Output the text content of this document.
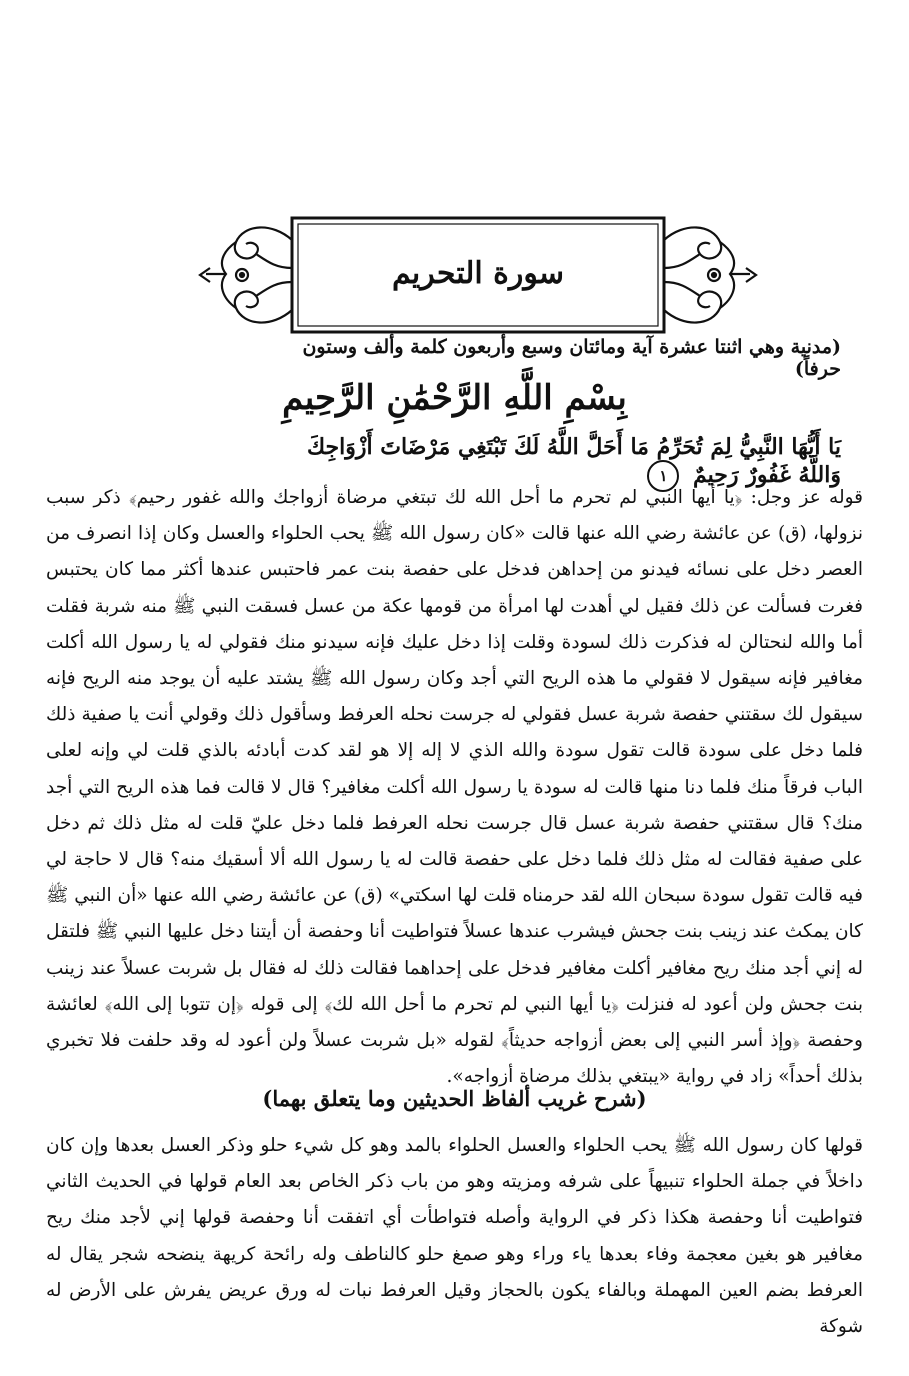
سورة التحريم
(مدنية وهي اثنتا عشرة آية ومائتان وسبع وأربعون كلمة وألف وستون حرفاً)
بِسْمِ اللَّهِ الرَّحْمَٰنِ الرَّحِيمِ
يَا أَيُّهَا النَّبِيُّ لِمَ تُحَرِّمُ مَا أَحَلَّ اللَّهُ لَكَ تَبْتَغِي مَرْضَاتَ أَزْوَاجِكَ وَاللَّهُ غَفُورٌ رَحِيمٌ ١

قوله عز وجل: ﴿يا أيها النبي لم تحرم ما أحل الله لك تبتغي مرضاة أزواجك والله غفور رحيم﴾ ذكر سبب نزولها، (ق) عن عائشة رضي الله عنها قالت «كان رسول الله ﷺ يحب الحلواء والعسل وكان إذا انصرف من العصر دخل على نسائه فيدنو من إحداهن فدخل على حفصة بنت عمر فاحتبس عندها أكثر مما كان يحتبس فغرت فسألت عن ذلك فقيل لي أهدت لها امرأة من قومها عكة من عسل فسقت النبي ﷺ منه شربة فقلت أما والله لنحتالن له فذكرت ذلك لسودة وقلت إذا دخل عليك فإنه سيدنو منك فقولي له يا رسول الله أكلت مغافير فإنه سيقول لا فقولي ما هذه الريح التي أجد وكان رسول الله ﷺ يشتد عليه أن يوجد منه الريح فإنه سيقول لك سقتني حفصة شربة عسل فقولي له جرست نحله العرفط وسأقول ذلك وقولي أنت يا صفية ذلك فلما دخل على سودة قالت تقول سودة والله الذي لا إله إلا هو لقد كدت أبادئه بالذي قلت لي وإنه لعلى الباب فرقاً منك فلما دنا منها قالت له سودة يا رسول الله أكلت مغافير؟ قال لا قالت فما هذه الريح التي أجد منك؟ قال سقتني حفصة شربة عسل قال جرست نحله العرفط فلما دخل عليّ قلت له مثل ذلك ثم دخل على صفية فقالت له مثل ذلك فلما دخل على حفصة قالت له يا رسول الله ألا أسقيك منه؟ قال لا حاجة لي فيه قالت تقول سودة سبحان الله لقد حرمناه قلت لها اسكتي» (ق) عن عائشة رضي الله عنها «أن النبي ﷺ كان يمكث عند زينب بنت جحش فيشرب عندها عسلاً فتواطيت أنا وحفصة أن أيتنا دخل عليها النبي ﷺ فلتقل له إني أجد منك ريح مغافير أكلت مغافير فدخل على إحداهما فقالت ذلك له فقال بل شربت عسلاً عند زينب بنت جحش ولن أعود له فنزلت ﴿يا أيها النبي لم تحرم ما أحل الله لك﴾ إلى قوله ﴿إن تتوبا إلى الله﴾ لعائشة وحفصة ﴿وإذ أسر النبي إلى بعض أزواجه حديثاً﴾ لقوله «بل شربت عسلاً ولن أعود له وقد حلفت فلا تخبري بذلك أحداً» زاد في رواية «يبتغي بذلك مرضاة أزواجه».

(شرح غريب ألفاظ الحديثين وما يتعلق بهما)

قولها كان رسول الله ﷺ يحب الحلواء والعسل الحلواء بالمد وهو كل شيء حلو وذكر العسل بعدها وإن كان داخلاً في جملة الحلواء تنبيهاً على شرفه ومزيته وهو من باب ذكر الخاص بعد العام قولها في الحديث الثاني فتواطيت أنا وحفصة هكذا ذكر في الرواية وأصله فتواطأت أي اتفقت أنا وحفصة قولها إني لأجد منك ريح مغافير هو بغين معجمة وفاء بعدها ياء وراء وهو صمغ حلو كالناطف وله رائحة كريهة ينضحه شجر يقال له العرفط بضم العين المهملة وبالفاء يكون بالحجاز وقيل العرفط نبات له ورق عريض يفرش على الأرض له شوكة
